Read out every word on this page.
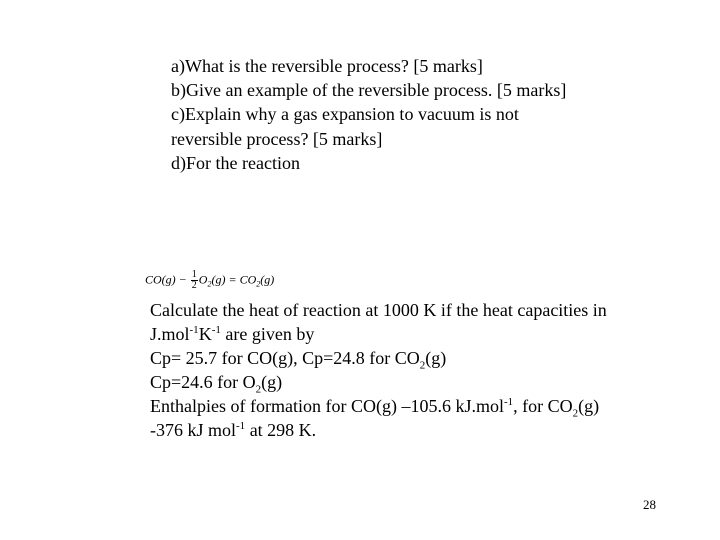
a)What is the reversible process? [5 marks]

b)Give an example of the reversible process. [5 marks]

c)Explain why a gas expansion to vacuum is not reversible process? [5 marks]

d)For the reaction

$CO(g) - \frac{1}{2} O_2(g) = CO_2(g)$

Calculate the heat of reaction at 1000 K if the heat capacities in $J.mol^{-1}K^{-1}$ are given by

Cp= 25.7 for CO(g), Cp=24.8 for $CO_2(g)$

Cp=24.6 for $O_2(g)$

Enthalpies of formation for CO(g) –105.6 kJ.mol$^{-1}$, for $CO_2(g)$ -376 kJ mol$^{-1}$ at 298 K.

28
